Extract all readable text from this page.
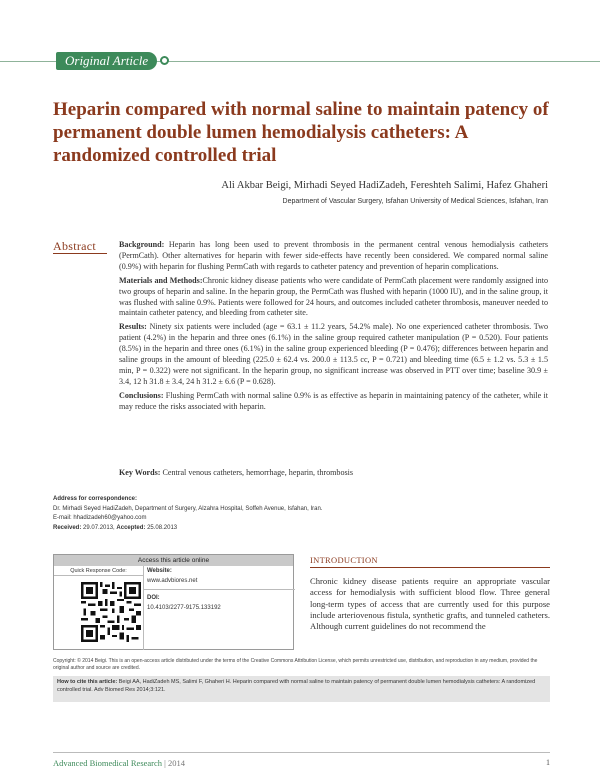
Original Article
Heparin compared with normal saline to maintain patency of permanent double lumen hemodialysis catheters: A randomized controlled trial
Ali Akbar Beigi, Mirhadi Seyed HadiZadeh, Fereshteh Salimi, Hafez Ghaheri
Department of Vascular Surgery, Isfahan University of Medical Sciences, Isfahan, Iran
Abstract	Background: Heparin has long been used to prevent thrombosis in the permanent central venous hemodialysis catheters (PermCath). Other alternatives for heparin with fewer side-effects have recently been considered. We compared normal saline (0.9%) with heparin for flushing PermCath with regards to catheter patency and prevention of heparin complications.

Materials and Methods:Chronic kidney disease patients who were candidate of PermCath placement were randomly assigned into two groups of heparin and saline. In the heparin group, the PermCath was flushed with heparin (1000 IU), and in the saline group, it was flushed with saline 0.9%. Patients were followed for 24 hours, and outcomes included catheter thrombosis, maneuver needed to maintain catheter patency, and bleeding from catheter site.

Results: Ninety six patients were included (age = 63.1 ± 11.2 years, 54.2% male). No one experienced catheter thrombosis. Two patient (4.2%) in the heparin and three ones (6.1%) in the saline group required catheter manipulation (P = 0.520). Four patients (8.5%) in the heparin and three ones (6.1%) in the saline group experienced bleeding (P = 0.476); differences between heparin and saline groups in the amount of bleeding (225.0 ± 62.4 vs. 200.0 ± 113.5 cc, P = 0.721) and bleeding time (6.5 ± 1.2 vs. 5.3 ± 1.5 min, P = 0.322) were not significant. In the heparin group, no significant increase was observed in PTT over time; baseline 30.9 ± 3.4, 12 h 31.8 ± 3.4, 24 h 31.2 ± 6.6 (P = 0.628).

Conclusions: Flushing PermCath with normal saline 0.9% is as effective as heparin in maintaining patency of the catheter, while it may reduce the risks associated with heparin.

Key Words: Central venous catheters, hemorrhage, heparin, thrombosis
Address for correspondence:
Dr. Mirhadi Seyed HadiZadeh, Department of Surgery, Alzahra Hospital, Soffeh Avenue, Isfahan, Iran.
E-mail: hhadizadeh60@yahoo.com
Received: 29.07.2013, Accepted: 25.08.2013
Access this article online
Quick Response Code:	Website:
www.advbiores.net
DOI:
10.4103/2277-9175.133192
INTRODUCTION
Chronic kidney disease patients require an appropriate vascular access for hemodialysis with sufficient blood flow. Three general long-term types of access that are currently used for this purpose include arteriovenous fistula, synthetic grafts, and tunneled catheters. Although current guidelines do not recommend the
Copyright: © 2014 Beigi. This is an open-access article distributed under the terms of the Creative Commons Attribution License, which permits unrestricted use, distribution, and reproduction in any medium, provided the original author and source are credited.
How to cite this article: Beigi AA, HadiZadeh MS, Salimi F, Ghaheri H. Heparin compared with normal saline to maintain patency of permanent double lumen hemodialysis catheters: A randomized controlled trial. Adv Biomed Res 2014;3:121.
Advanced Biomedical Research | 2014	1
